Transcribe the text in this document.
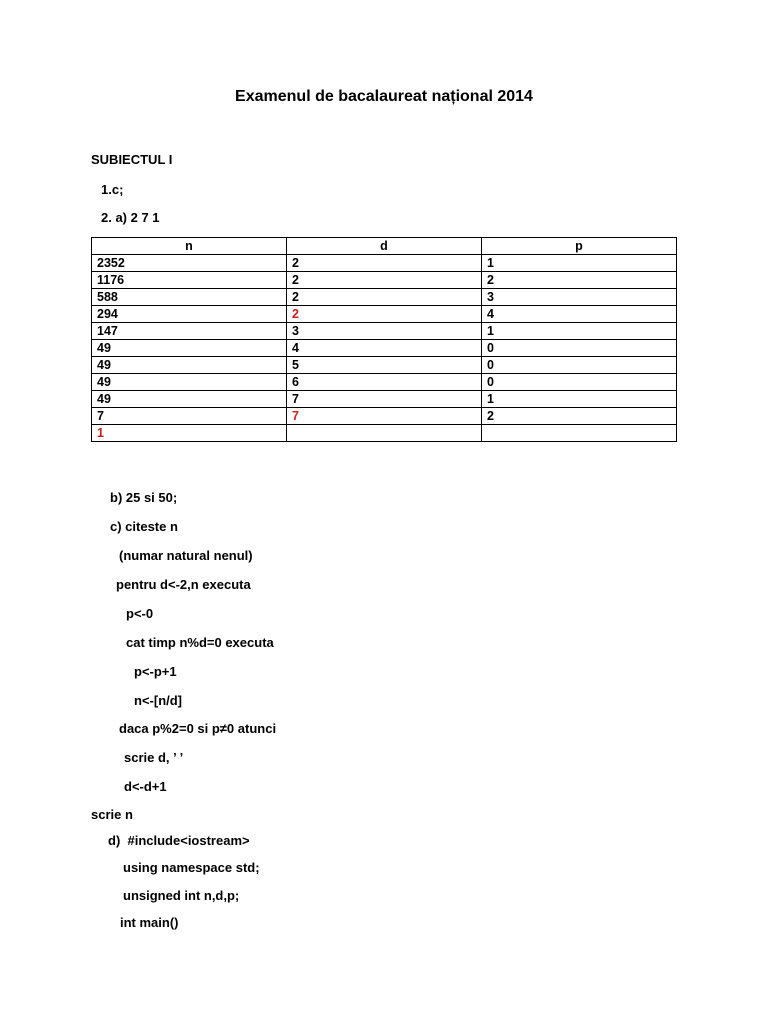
Examenul de bacalaureat național 2014
SUBIECTUL I
1.c;
2. a) 2 7 1
n	d	p
2352	2	1
1176	2	2
588	2	3
294	2	4
147	3	1
49	4	0
49	5	0
49	6	0
49	7	1
7	7	2
1		
b) 25 si 50;
c) citeste n
(numar natural nenul)
pentru d<-2,n executa
p<-0
cat timp n%d=0 executa
p<-p+1
n<-[n/d]
daca p%2=0 si p≠0 atunci
scrie d, ’ ’
d<-d+1
scrie n
d)  #include<iostream>
using namespace std;
unsigned int n,d,p;
int main()
